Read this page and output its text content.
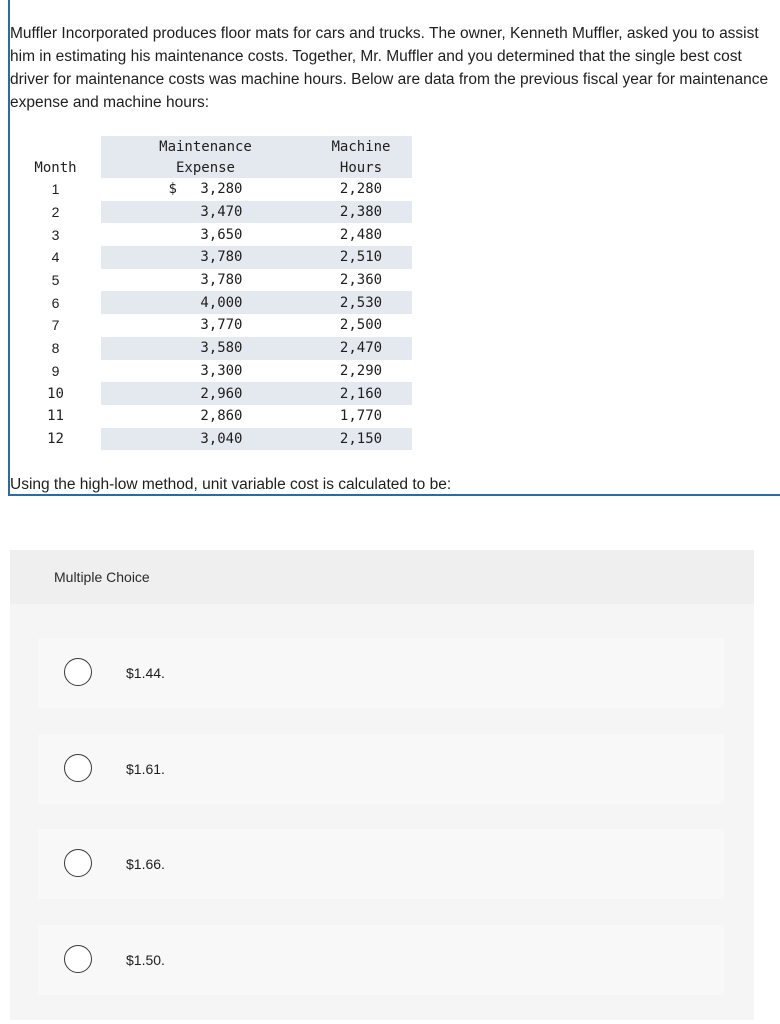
Muffler Incorporated produces floor mats for cars and trucks. The owner, Kenneth Muffler, asked you to assist him in estimating his maintenance costs. Together, Mr. Muffler and you determined that the single best cost driver for maintenance costs was machine hours. Below are data from the previous fiscal year for maintenance expense and machine hours:

	Maintenance	Machine
Month	Expense	Hours
1	$ 3,280	2,280
2	3,470	2,380
3	3,650	2,480
4	3,780	2,510
5	3,780	2,360
6	4,000	2,530
7	3,770	2,500
8	3,580	2,470
9	3,300	2,290
10	2,960	2,160
11	2,860	1,770
12	3,040	2,150

Using the high-low method, unit variable cost is calculated to be:

Multiple Choice
$1.44.
$1.61.
$1.66.
$1.50.
